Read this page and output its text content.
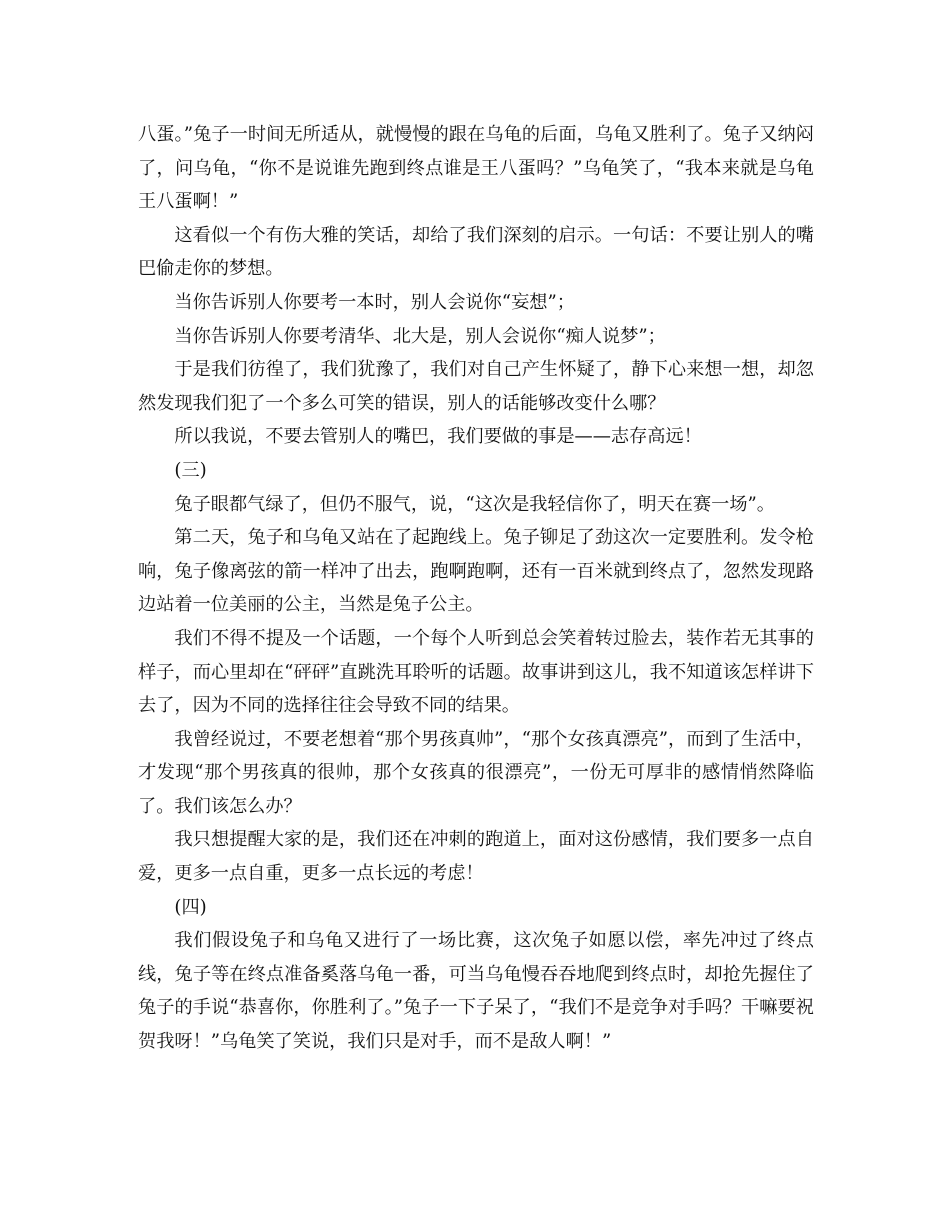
八蛋。”兔子一时间无所适从，就慢慢的跟在乌龟的后面，乌龟又胜利了。兔子又纳闷了，问乌龟，“你不是说谁先跑到终点谁是王八蛋吗？”乌龟笑了，“我本来就是乌龟王八蛋啊！”

这看似一个有伤大雅的笑话，却给了我们深刻的启示。一句话：不要让别人的嘴巴偷走你的梦想。

当你告诉别人你要考一本时，别人会说你“妄想”；

当你告诉别人你要考清华、北大是，别人会说你“痴人说梦”；

于是我们彷徨了，我们犹豫了，我们对自己产生怀疑了，静下心来想一想，却忽然发现我们犯了一个多么可笑的错误，别人的话能够改变什么哪？

所以我说，不要去管别人的嘴巴，我们要做的事是——志存高远！

(三)

兔子眼都气绿了，但仍不服气，说，“这次是我轻信你了，明天在赛一场”。

第二天，兔子和乌龟又站在了起跑线上。兔子铆足了劲这次一定要胜利。发令枪响，兔子像离弦的箭一样冲了出去，跑啊跑啊，还有一百米就到终点了，忽然发现路边站着一位美丽的公主，当然是兔子公主。

我们不得不提及一个话题，一个每个人听到总会笑着转过脸去，装作若无其事的样子，而心里却在“砰砰”直跳洗耳聆听的话题。故事讲到这儿，我不知道该怎样讲下去了，因为不同的选择往往会导致不同的结果。

我曾经说过，不要老想着“那个男孩真帅”，“那个女孩真漂亮”，而到了生活中，才发现“那个男孩真的很帅，那个女孩真的很漂亮”，一份无可厚非的感情悄然降临了。我们该怎么办？

我只想提醒大家的是，我们还在冲刺的跑道上，面对这份感情，我们要多一点自爱，更多一点自重，更多一点长远的考虑！

(四)

我们假设兔子和乌龟又进行了一场比赛，这次兔子如愿以偿，率先冲过了终点线，兔子等在终点准备奚落乌龟一番，可当乌龟慢吞吞地爬到终点时，却抢先握住了兔子的手说“恭喜你，你胜利了。”兔子一下子呆了，“我们不是竞争对手吗？干嘛要祝贺我呀！”乌龟笑了笑说，我们只是对手，而不是敌人啊！”
